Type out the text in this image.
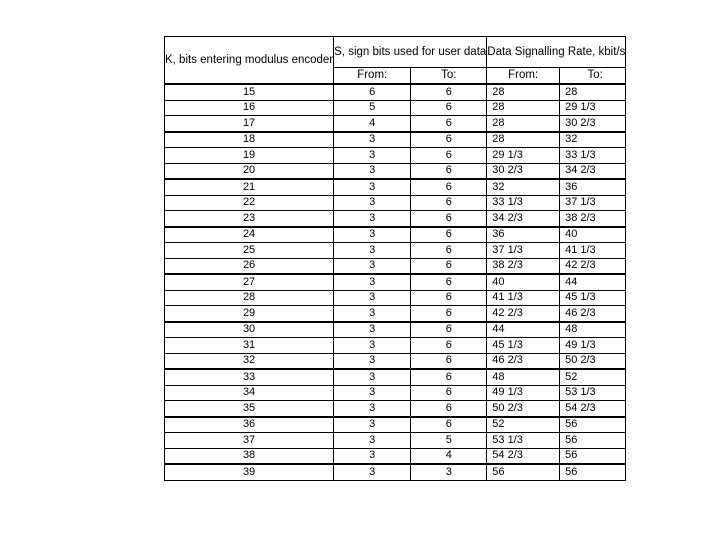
K, bits entering modulus encoder	S, sign bits used for user data		Data Signalling Rate, kbit/s	
	From:	To:	From:	To:
15	6	6	28	28
16	5	6	28	29 1/3
17	4	6	28	30 2/3
18	3	6	28	32
19	3	6	29 1/3	33 1/3
20	3	6	30 2/3	34 2/3
21	3	6	32	36
22	3	6	33 1/3	37 1/3
23	3	6	34 2/3	38 2/3
24	3	6	36	40
25	3	6	37 1/3	41 1/3
26	3	6	38 2/3	42 2/3
27	3	6	40	44
28	3	6	41 1/3	45 1/3
29	3	6	42 2/3	46 2/3
30	3	6	44	48
31	3	6	45 1/3	49 1/3
32	3	6	46 2/3	50 2/3
33	3	6	48	52
34	3	6	49 1/3	53 1/3
35	3	6	50 2/3	54 2/3
36	3	6	52	56
37	3	5	53 1/3	56
38	3	4	54 2/3	56
39	3	3	56	56
